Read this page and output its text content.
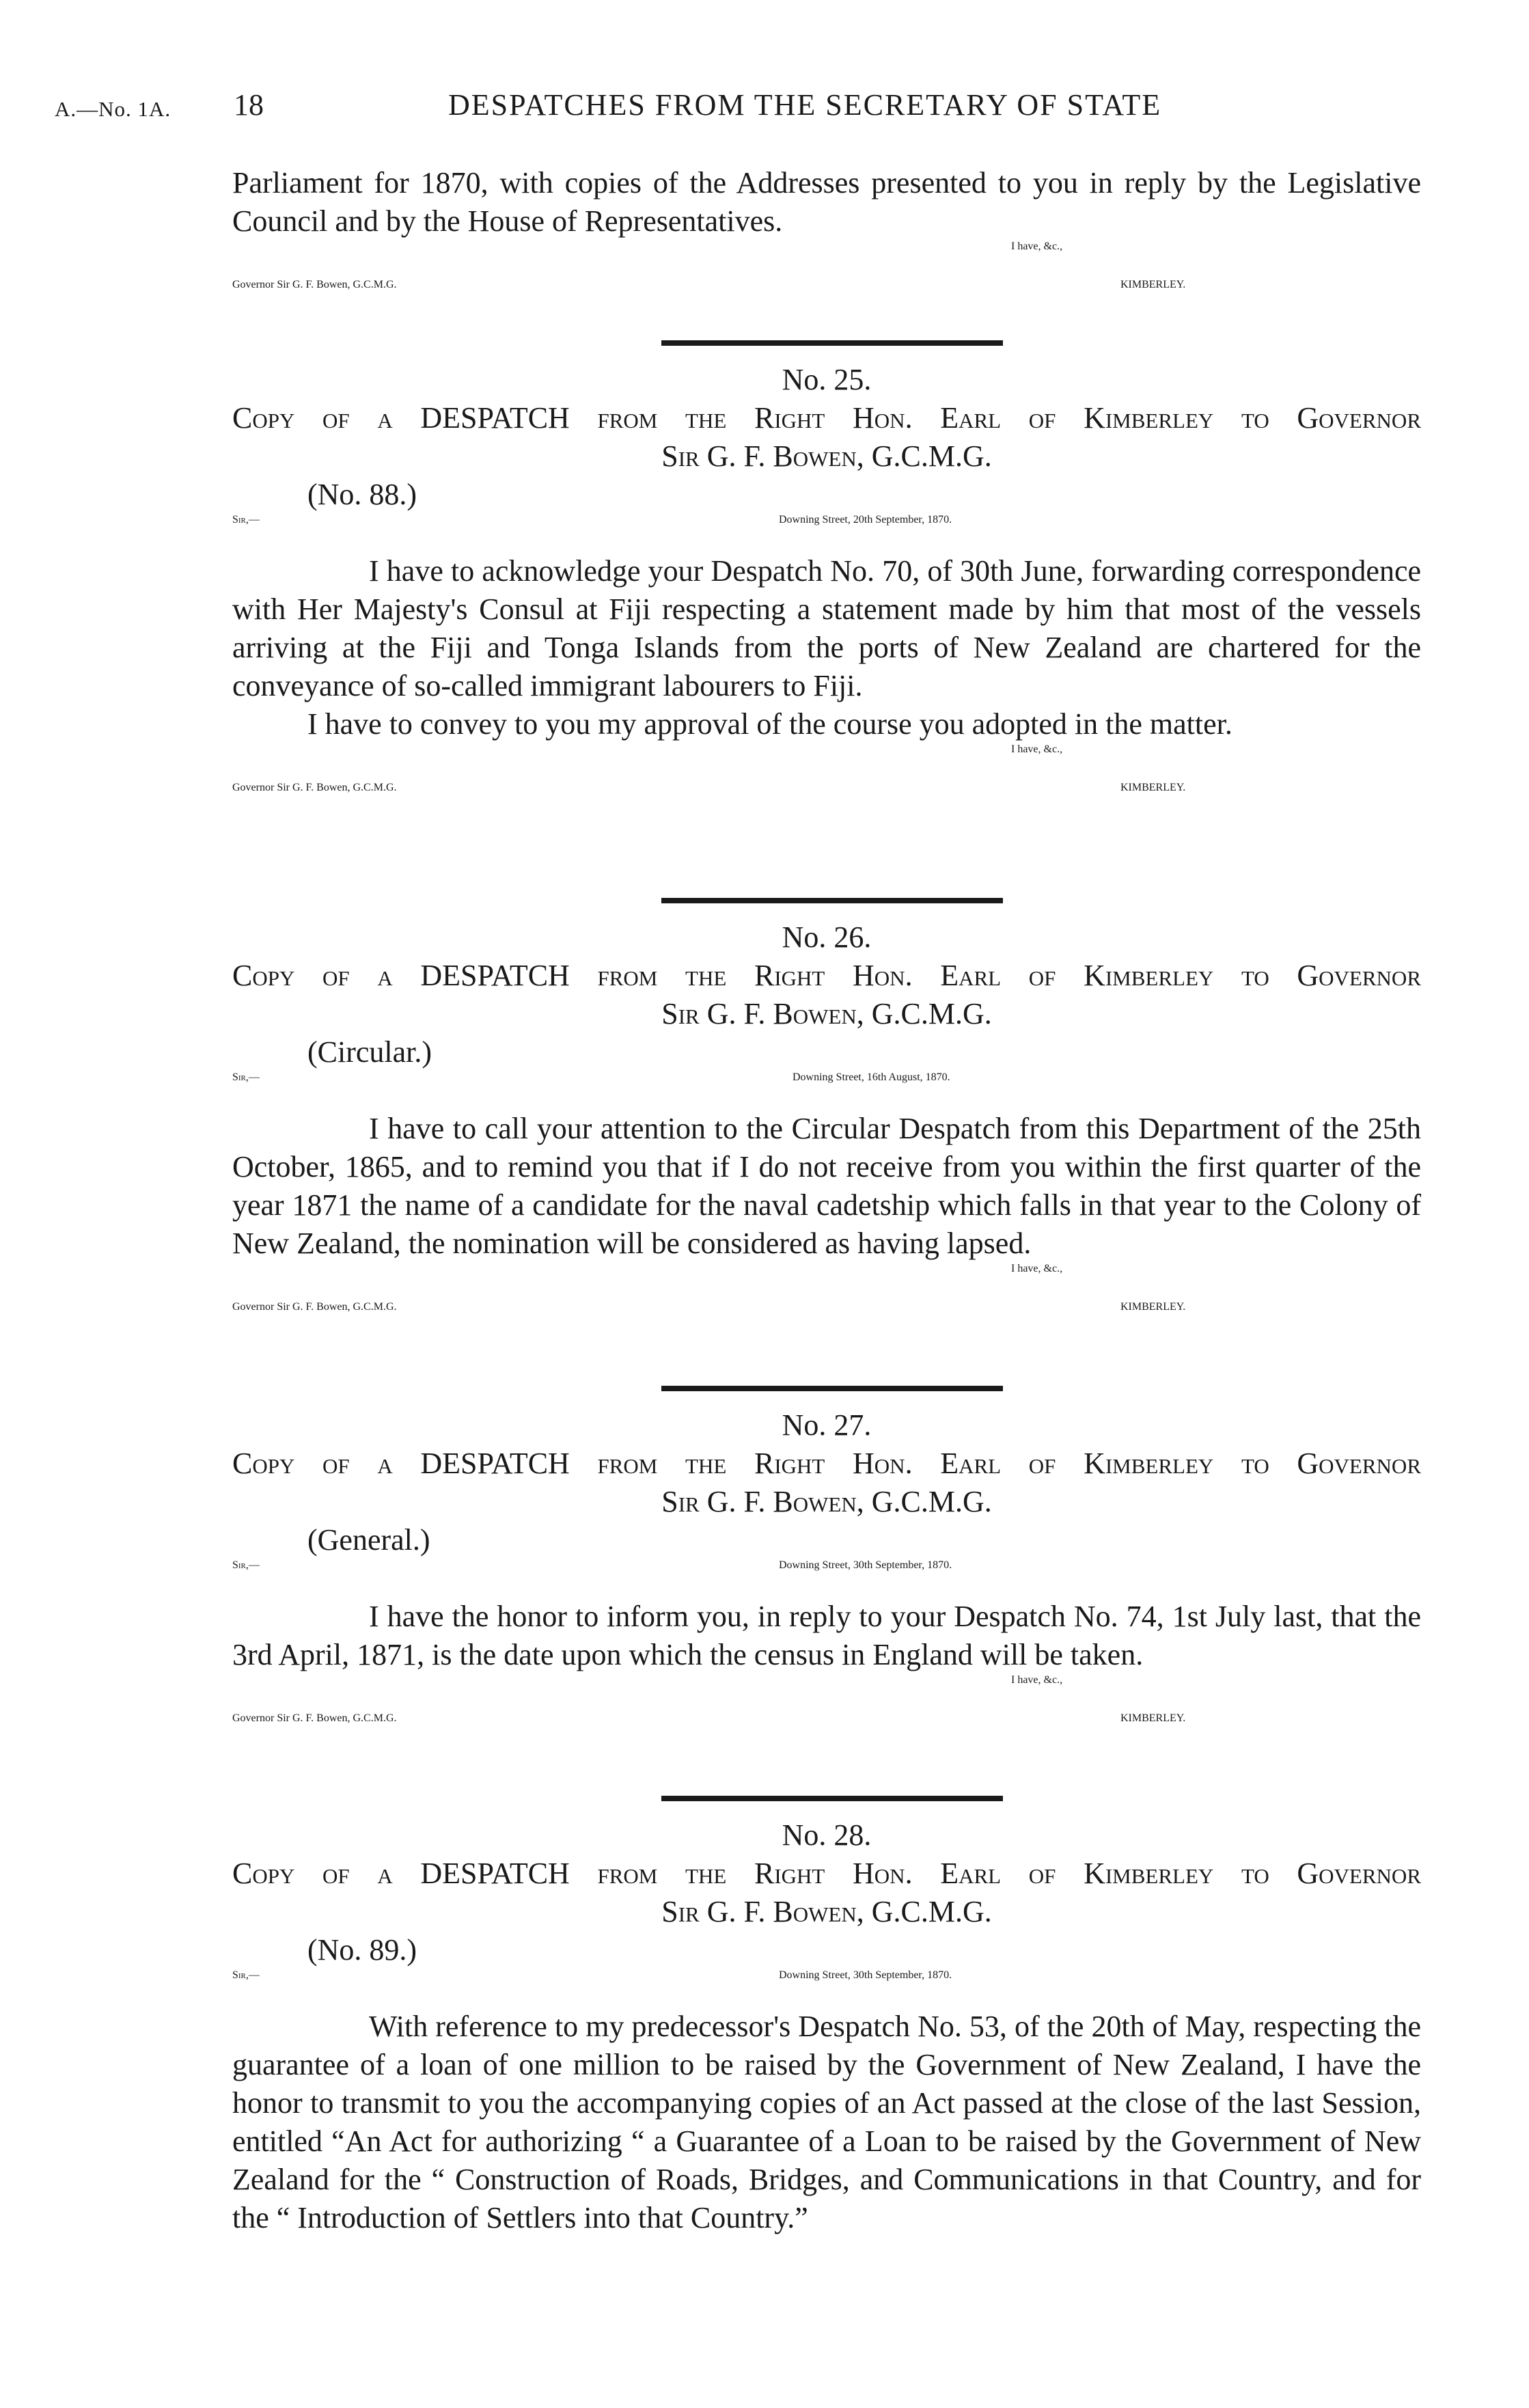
A.—No. 1A. 18	DESPATCHES FROM THE SECRETARY OF STATE
Parliament for 1870, with copies of the Addresses presented to you in reply by the Legislative Council and by the House of Representatives.
I have, &c.,
Governor Sir G. F. Bowen, G.C.M.G.	KIMBERLEY.
No. 25.
Copy of a DESPATCH from the Right Hon. Earl of Kimberley to Governor
Sir G. F. Bowen, G.C.M.G.
(No. 88.)
Sir,—	Downing Street, 20th September, 1870.
I have to acknowledge your Despatch No. 70, of 30th June, forwarding correspondence with Her Majesty's Consul at Fiji respecting a statement made by him that most of the vessels arriving at the Fiji and Tonga Islands from the ports of New Zealand are chartered for the conveyance of so-called immigrant labourers to Fiji.
I have to convey to you my approval of the course you adopted in the matter.
I have, &c.,
Governor Sir G. F. Bowen, G.C.M.G.	KIMBERLEY.
No. 26.
Copy of a DESPATCH from the Right Hon. Earl of Kimberley to Governor
Sir G. F. Bowen, G.C.M.G.
(Circular.)
Sir,—	Downing Street, 16th August, 1870.
I have to call your attention to the Circular Despatch from this Department of the 25th October, 1865, and to remind you that if I do not receive from you within the first quarter of the year 1871 the name of a candidate for the naval cadetship which falls in that year to the Colony of New Zealand, the nomination will be considered as having lapsed.
I have, &c.,
Governor Sir G. F. Bowen, G.C.M.G.	KIMBERLEY.
No. 27.
Copy of a DESPATCH from the Right Hon. Earl of Kimberley to Governor
Sir G. F. Bowen, G.C.M.G.
(General.)
Sir,—	Downing Street, 30th September, 1870.
I have the honor to inform you, in reply to your Despatch No. 74, 1st July last, that the 3rd April, 1871, is the date upon which the census in England will be taken.
I have, &c.,
Governor Sir G. F. Bowen, G.C.M.G.	KIMBERLEY.
No. 28.
Copy of a DESPATCH from the Right Hon. Earl of Kimberley to Governor
Sir G. F. Bowen, G.C.M.G.
(No. 89.)
Sir,—	Downing Street, 30th September, 1870.
With reference to my predecessor's Despatch No. 53, of the 20th of May, respecting the guarantee of a loan of one million to be raised by the Government of New Zealand, I have the honor to transmit to you the accompanying copies of an Act passed at the close of the last Session, entitled “An Act for authorizing “ a Guarantee of a Loan to be raised by the Government of New Zealand for the “ Construction of Roads, Bridges, and Communications in that Country, and for the “ Introduction of Settlers into that Country.”
